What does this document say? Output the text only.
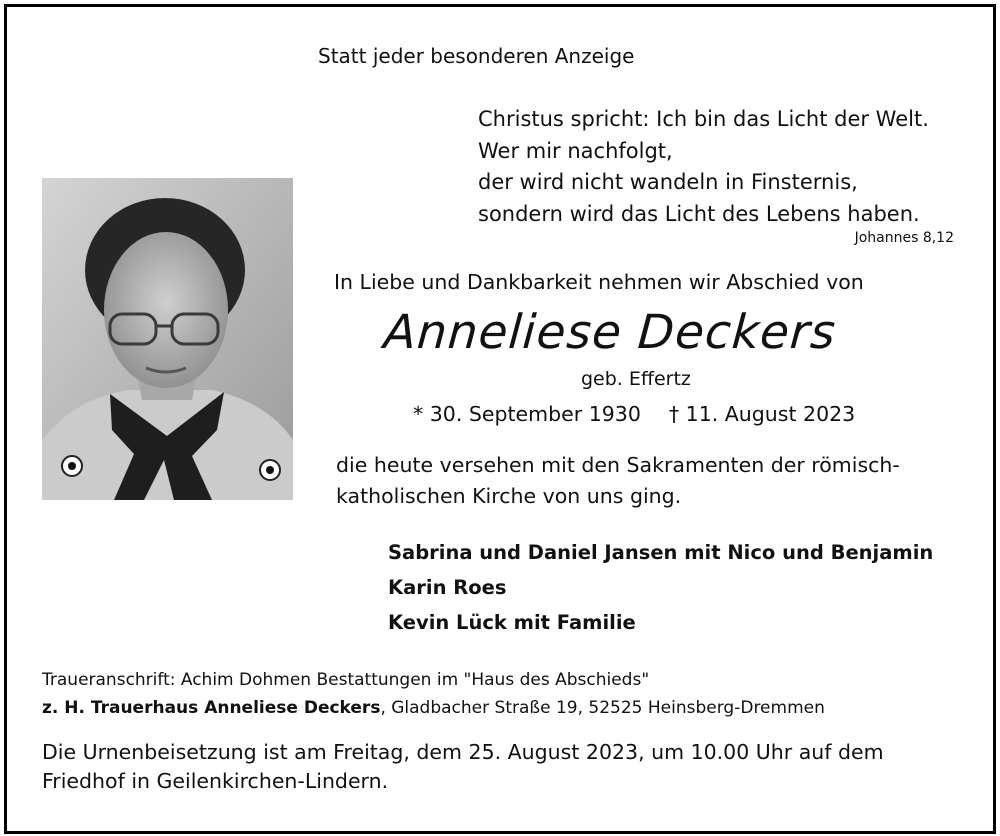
Statt jeder besonderen Anzeige
Christus spricht: Ich bin das Licht der Welt.
Wer mir nachfolgt,
der wird nicht wandeln in Finsternis,
sondern wird das Licht des Lebens haben.
Johannes 8,12
In Liebe und Dankbarkeit nehmen wir Abschied von
Anneliese Deckers
geb. Effertz
* 30. September 1930 † 11. August 2023
die heute versehen mit den Sakramenten der römisch-
katholischen Kirche von uns ging.
Sabrina und Daniel Jansen mit Nico und Benjamin
Karin Roes
Kevin Lück mit Familie
Traueranschrift: Achim Dohmen Bestattungen im "Haus des Abschieds"
z. H. Trauerhaus Anneliese Deckers, Gladbacher Straße 19, 52525 Heinsberg-Dremmen
Die Urnenbeisetzung ist am Freitag, dem 25. August 2023, um 10.00 Uhr auf dem
Friedhof in Geilenkirchen-Lindern.
